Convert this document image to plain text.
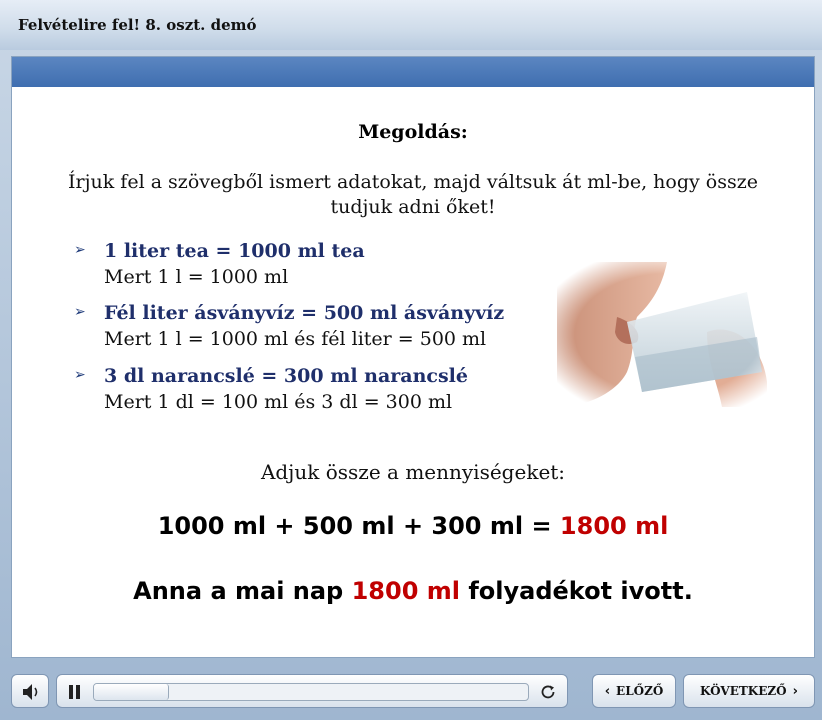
Felvételire fel! 8. oszt. demó
Megoldás:
Írjuk fel a szövegből ismert adatokat, majd váltsuk át ml-be, hogy össze tudjuk adni őket!
➢ 1 liter tea = 1000 ml tea
Mert 1 l = 1000 ml
➢ Fél liter ásványvíz = 500 ml ásványvíz
Mert 1 l = 1000 ml és fél liter = 500 ml
➢ 3 dl narancslé = 300 ml narancslé
Mert 1 dl = 100 ml és 3 dl = 300 ml
Adjuk össze a mennyiségeket:
1000 ml + 500 ml + 300 ml = 1800 ml
Anna a mai nap 1800 ml folyadékot ivott.
‹ ELŐZŐ	KÖVETKEZŐ ›
